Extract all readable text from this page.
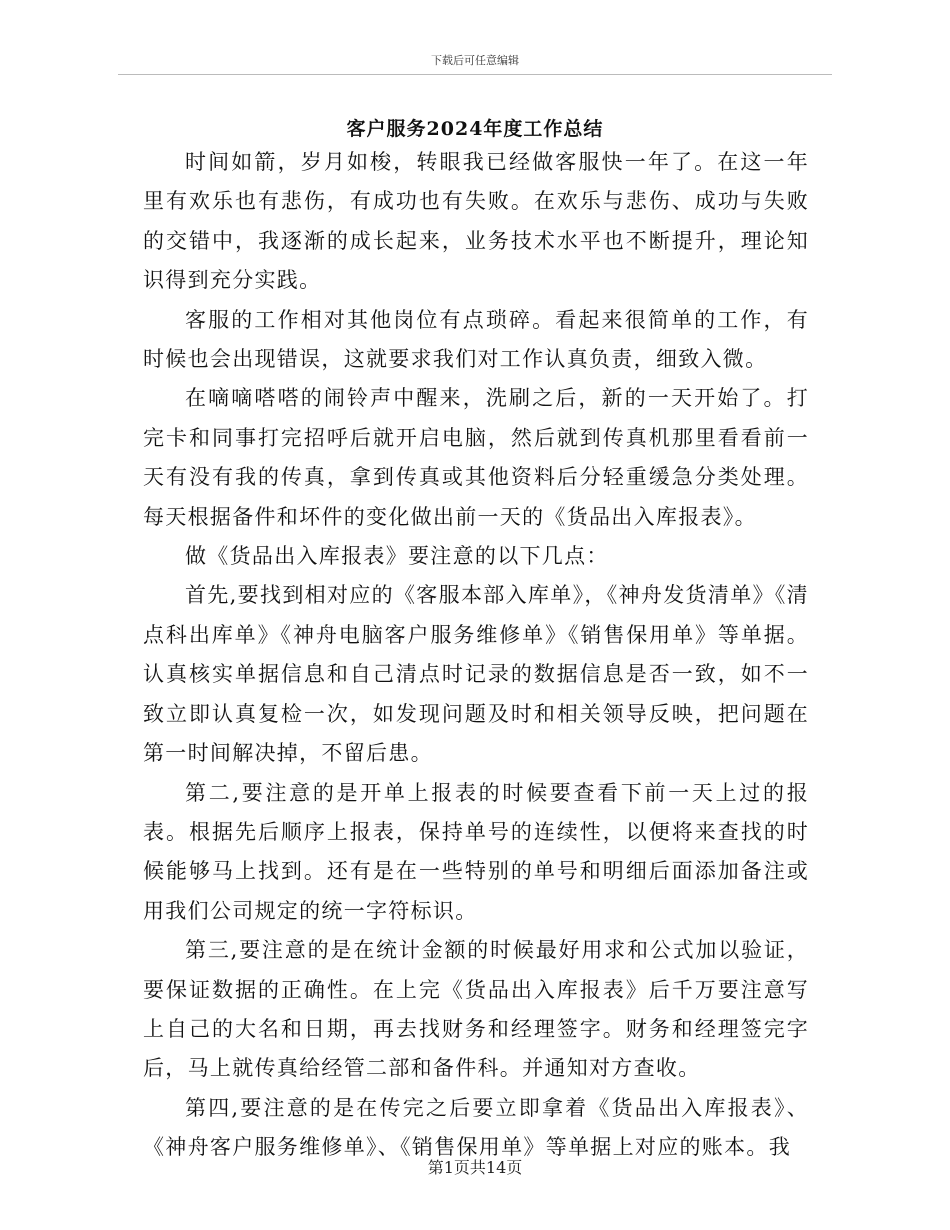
下载后可任意编辑
客户服务2024年度工作总结

时间如箭，岁月如梭，转眼我已经做客服快一年了。在这一年里有欢乐也有悲伤，有成功也有失败。在欢乐与悲伤、成功与失败的交错中，我逐渐的成长起来，业务技术水平也不断提升，理论知识得到充分实践。

客服的工作相对其他岗位有点琐碎。看起来很简单的工作，有时候也会出现错误，这就要求我们对工作认真负责，细致入微。

在嘀嘀嗒嗒的闹铃声中醒来，洗刷之后，新的一天开始了。打完卡和同事打完招呼后就开启电脑，然后就到传真机那里看看前一天有没有我的传真，拿到传真或其他资料后分轻重缓急分类处理。每天根据备件和坏件的变化做出前一天的《货品出入库报表》。

做《货品出入库报表》要注意的以下几点：

首先,要找到相对应的《客服本部入库单》，《神舟发货清单》《清点科出库单》《神舟电脑客户服务维修单》《销售保用单》等单据。认真核实单据信息和自己清点时记录的数据信息是否一致，如不一致立即认真复检一次，如发现问题及时和相关领导反映，把问题在第一时间解决掉，不留后患。

第二,要注意的是开单上报表的时候要查看下前一天上过的报表。根据先后顺序上报表，保持单号的连续性，以便将来查找的时候能够马上找到。还有是在一些特别的单号和明细后面添加备注或用我们公司规定的统一字符标识。

第三,要注意的是在统计金额的时候最好用求和公式加以验证，要保证数据的正确性。在上完《货品出入库报表》后千万要注意写上自己的大名和日期，再去找财务和经理签字。财务和经理签完字后，马上就传真给经管二部和备件科。并通知对方查收。

第四,要注意的是在传完之后要立即拿着《货品出入库报表》、《神舟客户服务维修单》、《销售保用单》等单据上对应的账本。我

第1页共14页
